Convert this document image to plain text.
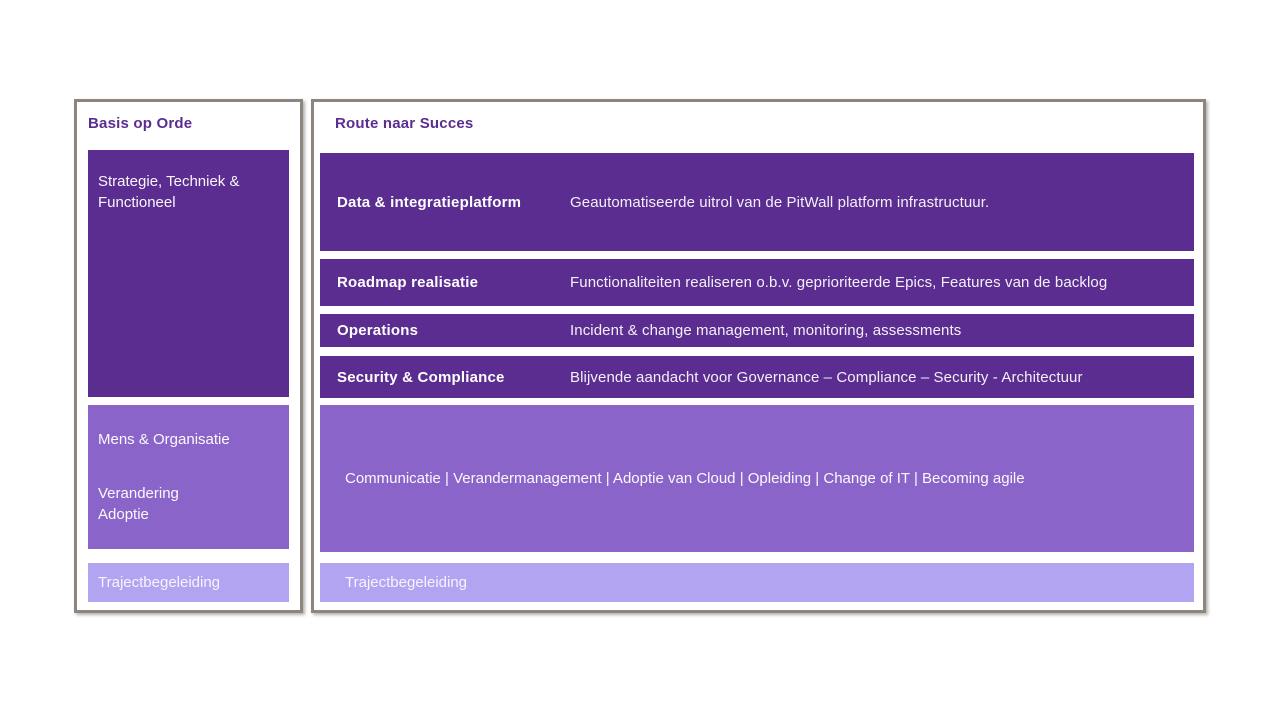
Basis op Orde
Strategie, Techniek & Functioneel
Mens & Organisatie
Verandering
Adoptie
Trajectbegeleiding
Route naar Succes
Data & integratieplatform	Geautomatiseerde uitrol van de PitWall platform infrastructuur.
Roadmap realisatie	Functionaliteiten realiseren o.b.v. geprioriteerde Epics, Features van de backlog
Operations	Incident & change management, monitoring, assessments
Security & Compliance	Blijvende aandacht voor Governance – Compliance – Security - Architectuur
Communicatie | Verandermanagement | Adoptie van Cloud | Opleiding | Change of IT | Becoming agile
Trajectbegeleiding
